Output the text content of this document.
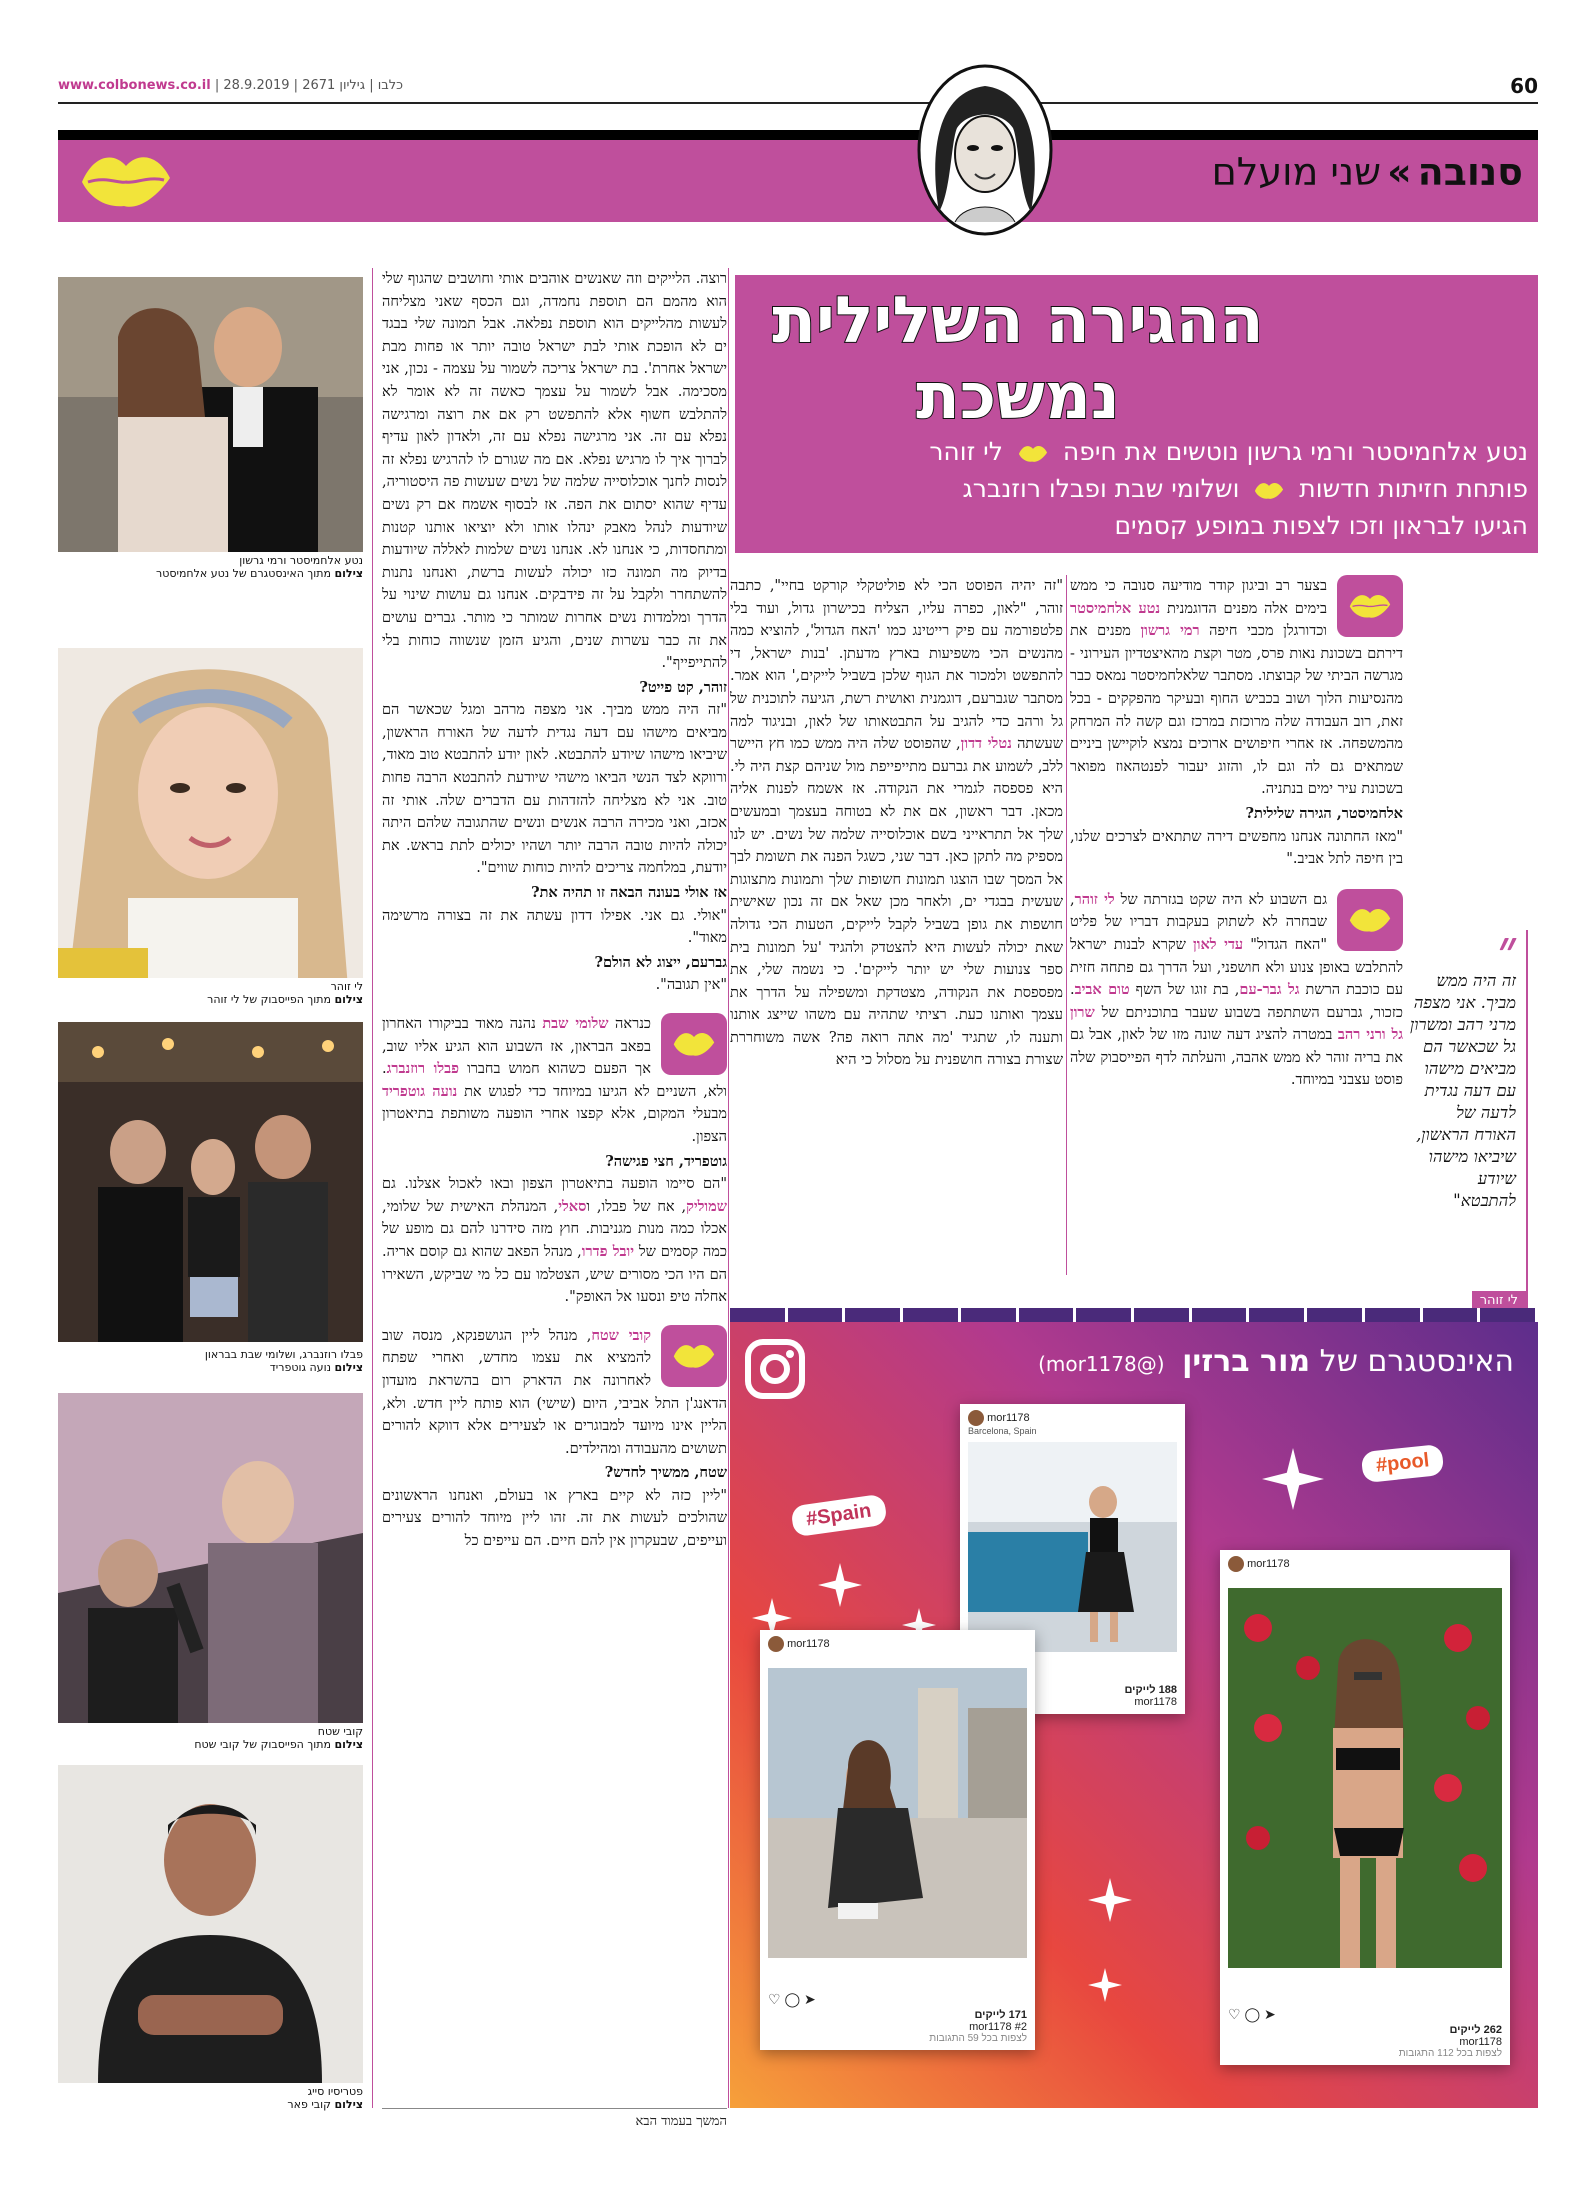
www.colbonews.co.il | כלבו | גיליון 2671 | 28.9.2019	60
סנובה»שני מועלם
ההגירה השלילית
נמשכת
נטע אלחמיסטר ורמי גרשון נוטשים את חיפה  לי זוהר
פותחת חזיתות חדשות  ושלומי שבת ופבלו רוזנברג
הגיעו לבראון וזכו לצפות במופע קסמים

בצער רב וביגון קודר מודיעה סנובה כי ממש בימים אלה מפנים הדוגמנית נטע אלחמיסטר וכדורגלן מכבי חיפה רמי גרשון מפנים את דירתם בשכונת נאות פרס, מטר וקצת מהאיצטדיון העירוני - מגרשה הביתי של קבוצתו. מסתבר שלאלחמיסטר נמאס כבר מהנסיעות הלוך ושוב בכביש החוף ובעיקר מהפקקים - בכל זאת, רוב העבודה שלה מרוכזת במרכז וגם קשה לה המרחק מהמשפחה. אז אחרי חיפושים ארוכים נמצא לוקיישן ביניים שמתאים גם לה וגם לו, והזוג יעבור לפנטהאוז מפואר בשכונת עיר ימים בנתניה.

אלחמיסטר, הגירה שלילית?

"מאז החתונה אנחנו מחפשים דירה שתתאים לצרכים שלנו, בין חיפה לתל אביב."

גם השבוע לא היה שקט בגזרתה של לי זוהר, שבחרה לא לשתוק בעקבות דבריו של פליט "האח הגדול" עדי לאון שקרא לבנות ישראל להתלבש באופן צנוע ולא חושפני, ועל הדרך גם פתחה חזית עם כוכבת הרשת גל גבר-עם, בת זוגו של השף טום אביב. כזכור, גברעם השתתפה בשבוע שעבר בתוכניתם של שרון גל ורני רהב במטרה להציג דעה שונה מזו של לאון, אבל גם את בריה זוהר לא ממש אהבה, והעלתה לדף הפייסבוק שלה פוסט עצבני במיוחד.

״
זה היה ממש מביך. אני מצפה מרני רהב ומשרון גל שכאשר הם מביאים מישהו עם דעה נגדית לדעה של האורח הראשון, שיביאו מישהו שיודע להתבטא"
לי זוהר

"זה יהיה הפוסט הכי לא פוליטקלי קורקט בחיי", כתבה זוהר, "לאון, כפרה עליו, הצליח בכישרון גדול, ועוד בלי פלטפורמה עם פיק רייטינג כמו 'האח הגדול', להוציא כמה מהנשים הכי משפיעות בארץ מדעתן. 'בנות ישראל, די להתפשט ולמכור את הגוף שלכן בשביל לייקים,' הוא אמר. מסתבר שגברעם, דוגמנית ואושית רשת, הגיעה לתוכנית של גל ורהב כדי להגיב על התבטאותו של לאון, ובניגוד למה שעשתה נטלי דדון, שהפוסט שלה היה ממש כמו חץ היישר ללב, לשמוע את גברעם מתייפייפת מול שניהם קצת היה לי. היא פספסה לגמרי את הנקודה. אז אשמח לפנות אליה מכאן. דבר ראשון, אם את לא בטוחה בעצמך ובמעשים שלך אל תתראייני בשם אוכלוסייה שלמה של נשים. יש לנו מספיק מה לתקן כאן. דבר שני, כשגל הפנה את תשומת לבך אל המסך שבו הוצגו תמונות חשופות שלך ותמונות מתצוגות שעשית בבגדי ים, ולאחר מכן שאל אם זה נכון שאישית חושפות את גופן בשביל לקבל לייקים, הטעות הכי גדולה שאת יכולה לעשות היא להצטדק ולהגיד 'על תמונות בית ספר צנועות שלי יש יותר לייקים'. כי נשמה שלי, את מפספסת את הנקודה, מצטדקת ומשפילה על הדרך את עצמך ואותנו כעת. רציתי שתהיה עם משהו שייצג אותנו ותענה לו, שתגיד 'מה אתה רואה פה? אשה משוחררת שצורת בצורה חושפנית על מסלול כי היא

רוצה. הלייקים וזה שאנשים אוהבים אותי וחושבים שהגוף שלי הוא מהמם הם תוספת נחמדה, וגם הכסף שאני מצליחה לעשות מהלייקים הוא תוספת נפלאה. אבל תמונה שלי בבגד ים לא הופכת אותי לבת ישראל טובה יותר או פחות מבת ישראל אחרת'. בת ישראל צריכה לשמור על עצמה - נכון, אני מסכימה. אבל לשמור על עצמך כאשה זה לא אומר לא להתלבש חשוף אלא להתפשט רק אם את רוצה ומרגישה נפלא עם זה. אני מרגישה נפלא עם זה, ולאדון לאון עדיף לברוך איך לו מרגיש נפלא. אם מה שגורם לו להרגיש נפלא זה לנסות לחנך אוכלוסייה שלמה של נשים שעשות פה היסטוריה, עדיף שהוא יסתום את הפה. אז לבסוף אשמח אם רק נשים שיודעות לנהל מאבק ינהלו אותו ולא יוציאו אותנו קטנות ומתחסדות, כי אנחנו לא. אנחנו נשים שלמות לאללה שיודעות בדיוק מה תמונה כזו יכולה לעשות ברשת, ואנחנו נתנות להשתחרר ולקבל על זה פידבקים. אנחנו גם עושות שינוי על הדרך ומלמדות נשים אחרות שמותר כי מותר. גברים עושים את זה כבר עשרות שנים, והגיע הזמן שנשווה כוחות בלי להתייפייף".

זוהר, קט פייט?

"זה היה ממש מביך. אני מצפה מרהב ומגל שכאשר הם מביאים מישהו עם דעה נגדית לדעה של האורח הראשון, שיביאו מישהו שיודע להתבטא. לאון יודע להתבטא טוב מאוד, ורווקא לצד הנשי הביאו מישהי שיודעת להתבטא הרבה פחות טוב. אני לא מצליחה להזדהות עם הדברים שלה. אותי זה אכזב, ואני מכירה הרבה אנשים ונשים שהתגובה שלהם היתה יכולה להיות טובה הרבה יותר ושהיו יכולים לתת בראש. את יודעת, במלחמה צריכים להיות כוחות שווים".

אז אולי בעונה הבאה זו תהיה את?

"אולי. גם אני. אפילו דדון עשתה את זה בצורה מרשימה מאוד".

גברעם, ייצוג לא הולם?

"אין תגובה".

כנראה שלומי שבת נהנה מאוד בביקורו האחרון בפאב הבראון, אז השבוע הוא הגיע אליו שוב, אך הפעם כשהוא חמוש בחברו פבלו רוזנברג. ולא, השניים לא הגיעו במיוחד כדי לפגוש את נועה גוטפריד מבעלי המקום, אלא קפצו אחרי הופעה משותפת בתיאטרון הצפון.

גוטפריד, חצי פגישה?

"הם סיימו הופעה בתיאטרון הצפון ובאו לאכול אצלנו. גם שמוליק, אח של פבלו, וסאלי, המנהלת האישית של שלומי, אכלו כמה מנות מגניבות. חוץ מזה סידרנו להם גם מופע של כמה קסמים של יובל פדרו, מנהל הפאב שהוא גם קוסם אריה. הם היו הכי מסורים שיש, הצטלמו עם כל מי שביקש, השאירו אחלה טיפ ונסעו אל האופק".

קובי שטח, מנהל ליין הגושפנקא, מנסה שוב להמציא את עצמו מחדש, ואחרי שפתח לאחרונה את הדארק רום בהשראת מועדון הדאנג'ן התל אביבי, היום (שישי) הוא פותח ליין חדש. ולא, הליין אינו מיועד למבוגרים או לצעירים אלא דווקא להורים תשושים מהעבודה ומהילדים.

שטח, ממשיך לחדש?

"ליין כזה לא קיים בארץ או בעולם, ואנחנו הראשונים שהולכים לעשות את זה. זהו ליין מיוחד להורים צעירים ועייפים, שבעקרון אין להם חיים. הם עייפים כל

המשך בעמוד הבא
נטע אלחמיסטר ורמי גרשון
צילום מתוך האינסטגרם של נטע אלחמיסטר
לי זוהר
צילום מתוך הפייסבוק של לי זוהר
פבלו רוזנברג, ושלומי שבת בבראון
צילום נועה גוטפריד
קובי שטח
צילום מתוך הפייסבוק של קובי שטח
פטריסיו סייג
צילום קובי פאר
האינסטגרם של מור ברזין (@mor1178)
#Spain
#pool
mor1178
Barcelona, Spain
188 לייקים
mor1178
mor1178
♡ ◯ ➤
171 לייקים
#2 mor1178
לצפות בכל 59 התגובות
mor1178
♡ ◯ ➤
262 לייקים
mor1178
לצפות בכל 112 התגובות
